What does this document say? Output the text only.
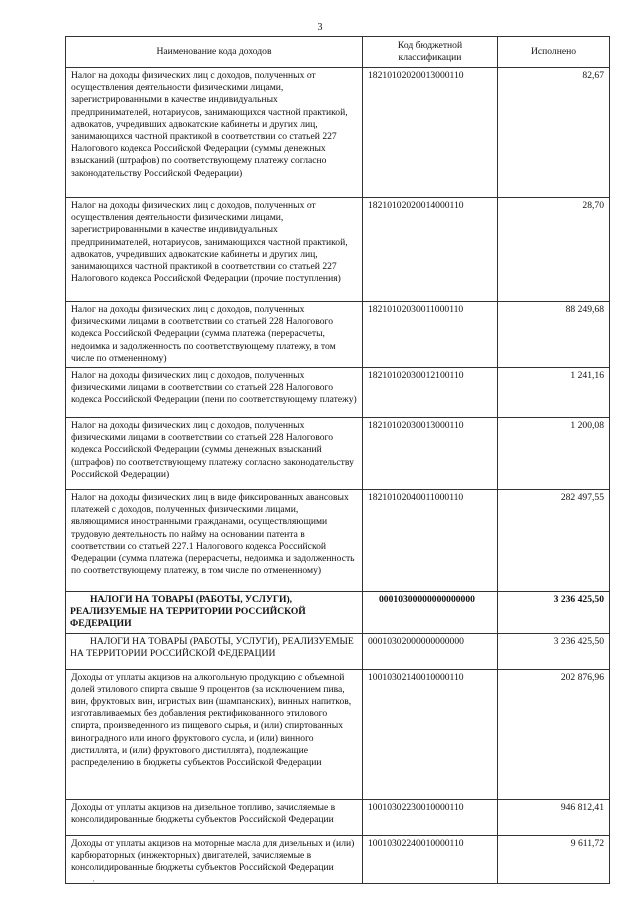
3
Наименование кода доходов	Код бюджетной классификации	Исполнено
Налог на доходы физических лиц с доходов, полученных от осуществления деятельности физическими лицами, зарегистрированными в качестве индивидуальных предпринимателей, нотариусов, занимающихся частной практикой, адвокатов, учредивших адвокатские кабинеты и других лиц, занимающихся частной практикой в соответствии со статьей 227 Налогового кодекса Российской Федерации (суммы денежных взысканий (штрафов) по соответствующему платежу согласно законодательству Российской Федерации)	18210102020013000110	82,67
Налог на доходы физических лиц с доходов, полученных от осуществления деятельности физическими лицами, зарегистрированными в качестве индивидуальных предпринимателей, нотариусов, занимающихся частной практикой, адвокатов, учредивших адвокатские кабинеты и других лиц, занимающихся частной практикой в соответствии со статьей 227 Налогового кодекса Российской Федерации (прочие поступления)	18210102020014000110	28,70
Налог на доходы физических лиц с доходов, полученных физическими лицами в соответствии со статьей 228 Налогового кодекса Российской Федерации (сумма платежа (перерасчеты, недоимка и задолженность по соответствующему платежу, в том числе по отмененному)	18210102030011000110	88 249,68
Налог на доходы физических лиц с доходов, полученных физическими лицами в соответствии со статьей 228 Налогового кодекса Российской Федерации (пени по соответствующему платежу)	18210102030012100110	1 241,16
Налог на доходы физических лиц с доходов, полученных физическими лицами в соответствии со статьей 228 Налогового кодекса Российской Федерации (суммы денежных взысканий (штрафов) по соответствующему платежу согласно законодательству Российской Федерации)	18210102030013000110	1 200,08
Налог на доходы физических лиц в виде фиксированных авансовых платежей с доходов, полученных физическими лицами, являющимися иностранными гражданами, осуществляющими трудовую деятельность по найму на основании патента в соответствии со статьей 227.1 Налогового кодекса Российской Федерации (сумма платежа (перерасчеты, недоимка и задолженность по соответствующему платежу, в том числе по отмененному)	18210102040011000110	282 497,55
НАЛОГИ НА ТОВАРЫ (РАБОТЫ, УСЛУГИ), РЕАЛИЗУЕМЫЕ НА ТЕРРИТОРИИ РОССИЙСКОЙ ФЕДЕРАЦИИ	00010300000000000000	3 236 425,50
НАЛОГИ НА ТОВАРЫ (РАБОТЫ, УСЛУГИ), РЕАЛИЗУЕМЫЕ НА ТЕРРИТОРИИ РОССИЙСКОЙ ФЕДЕРАЦИИ	00010302000000000000	3 236 425,50
Доходы от уплаты акцизов на алкогольную продукцию с объемной долей этилового спирта свыше 9 процентов (за исключением пива, вин, фруктовых вин, игристых вин (шампанских), винных напитков, изготавливаемых без добавления ректификованного этилового спирта, произведенного из пищевого сырья, и (или) спиртованных виноградного или иного фруктового сусла, и (или) винного дистиллята, и (или) фруктового дистиллята), подлежащие распределению в бюджеты субъектов Российской Федерации	10010302140010000110	202 876,96
Доходы от уплаты акцизов на дизельное топливо, зачисляемые в консолидированные бюджеты субъектов Российской Федерации	10010302230010000110	946 812,41
Доходы от уплаты акцизов на моторные масла для дизельных и (или) карбюраторных (инжекторных) двигателей, зачисляемые в консолидированные бюджеты субъектов Российской Федерации	10010302240010000110	9 611,72
·
